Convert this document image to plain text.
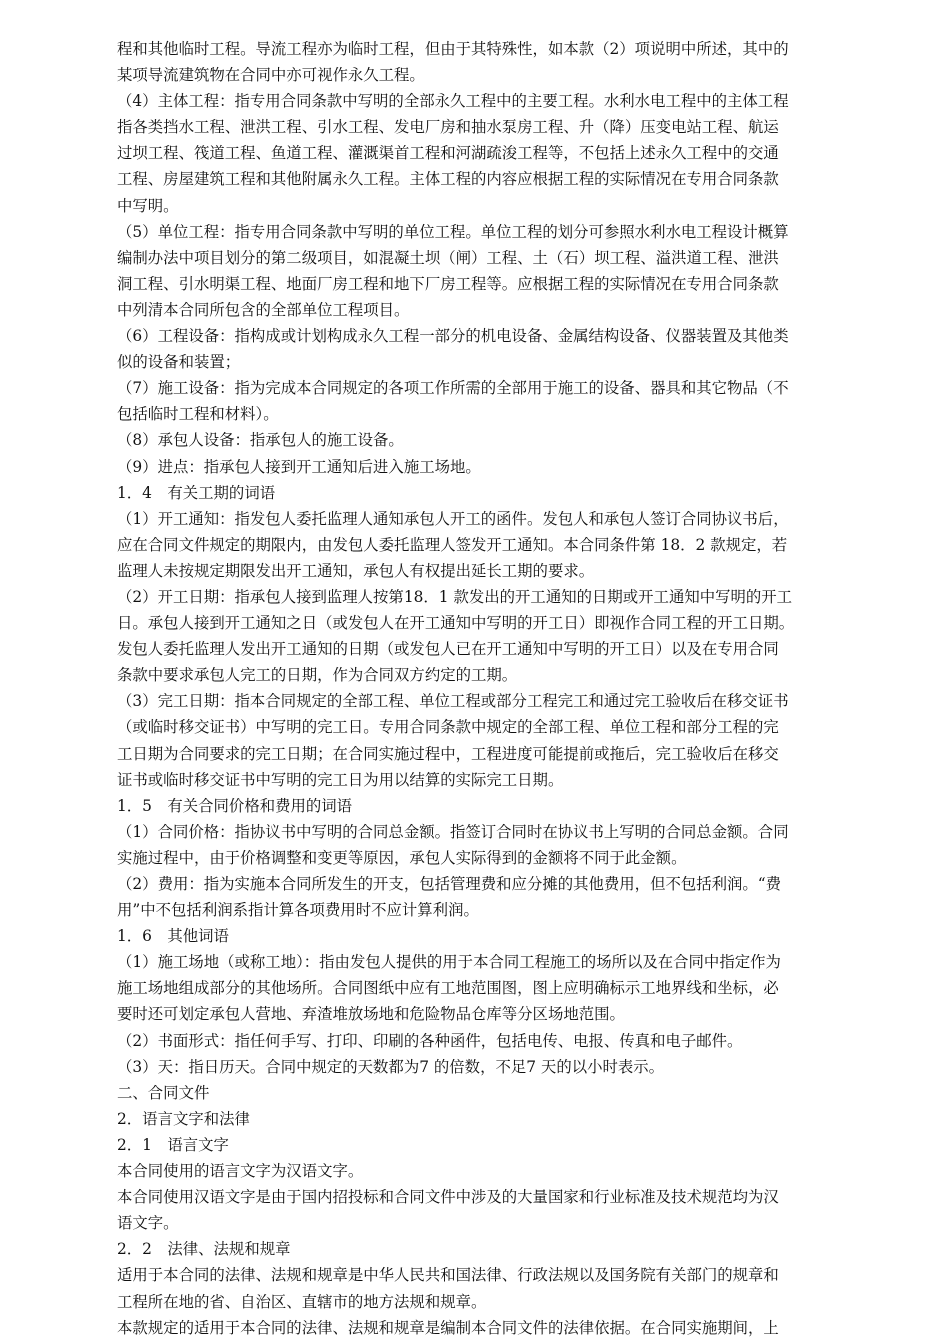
程和其他临时工程。导流工程亦为临时工程，但由于其特殊性，如本款（2）项说明中所述，其中的
某项导流建筑物在合同中亦可视作永久工程。

（4）主体工程：指专用合同条款中写明的全部永久工程中的主要工程。水利水电工程中的主体工程
指各类挡水工程、泄洪工程、引水工程、发电厂房和抽水泵房工程、升（降）压变电站工程、航运
过坝工程、筏道工程、鱼道工程、灌溉渠首工程和河湖疏浚工程等，不包括上述永久工程中的交通
工程、房屋建筑工程和其他附属永久工程。主体工程的内容应根据工程的实际情况在专用合同条款
中写明。

（5）单位工程：指专用合同条款中写明的单位工程。单位工程的划分可参照水利水电工程设计概算
编制办法中项目划分的第二级项目，如混凝土坝（闸）工程、土（石）坝工程、溢洪道工程、泄洪
洞工程、引水明渠工程、地面厂房工程和地下厂房工程等。应根据工程的实际情况在专用合同条款
中列清本合同所包含的全部单位工程项目。

（6）工程设备：指构成或计划构成永久工程一部分的机电设备、金属结构设备、仪器装置及其他类
似的设备和装置；

（7）施工设备：指为完成本合同规定的各项工作所需的全部用于施工的设备、器具和其它物品（不
包括临时工程和材料）。

（8）承包人设备：指承包人的施工设备。

（9）进点：指承包人接到开工通知后进入施工场地。

1．4　有关工期的词语

（1）开工通知：指发包人委托监理人通知承包人开工的函件。发包人和承包人签订合同协议书后，
应在合同文件规定的期限内，由发包人委托监理人签发开工通知。本合同条件第 18．2 款规定，若
监理人未按规定期限发出开工通知，承包人有权提出延长工期的要求。

（2）开工日期：指承包人接到监理人按第18．1 款发出的开工通知的日期或开工通知中写明的开工
日。承包人接到开工通知之日（或发包人在开工通知中写明的开工日）即视作合同工程的开工日期。
发包人委托监理人发出开工通知的日期（或发包人已在开工通知中写明的开工日）以及在专用合同
条款中要求承包人完工的日期，作为合同双方约定的工期。

（3）完工日期：指本合同规定的全部工程、单位工程或部分工程完工和通过完工验收后在移交证书
（或临时移交证书）中写明的完工日。专用合同条款中规定的全部工程、单位工程和部分工程的完
工日期为合同要求的完工日期；在合同实施过程中，工程进度可能提前或拖后，完工验收后在移交
证书或临时移交证书中写明的完工日为用以结算的实际完工日期。

1．5　有关合同价格和费用的词语

（1）合同价格：指协议书中写明的合同总金额。指签订合同时在协议书上写明的合同总金额。合同
实施过程中，由于价格调整和变更等原因，承包人实际得到的金额将不同于此金额。

（2）费用：指为实施本合同所发生的开支，包括管理费和应分摊的其他费用，但不包括利润。“费
用”中不包括利润系指计算各项费用时不应计算利润。

1．6　其他词语

（1）施工场地（或称工地）：指由发包人提供的用于本合同工程施工的场所以及在合同中指定作为
施工场地组成部分的其他场所。合同图纸中应有工地范围图，图上应明确标示工地界线和坐标，必
要时还可划定承包人营地、弃渣堆放场地和危险物品仓库等分区场地范围。

（2）书面形式：指任何手写、打印、印刷的各种函件，包括电传、电报、传真和电子邮件。

（3）天：指日历天。合同中规定的天数都为7 的倍数，不足7 天的以小时表示。

二、合同文件

2．语言文字和法律

2．1　语言文字

本合同使用的语言文字为汉语文字。

本合同使用汉语文字是由于国内招投标和合同文件中涉及的大量国家和行业标准及技术规范均为汉
语文字。

2．2　法律、法规和规章

适用于本合同的法律、法规和规章是中华人民共和国法律、行政法规以及国务院有关部门的规章和
工程所在地的省、自治区、直辖市的地方法规和规章。

本款规定的适用于本合同的法律、法规和规章是编制本合同文件的法律依据。在合同实施期间，上
